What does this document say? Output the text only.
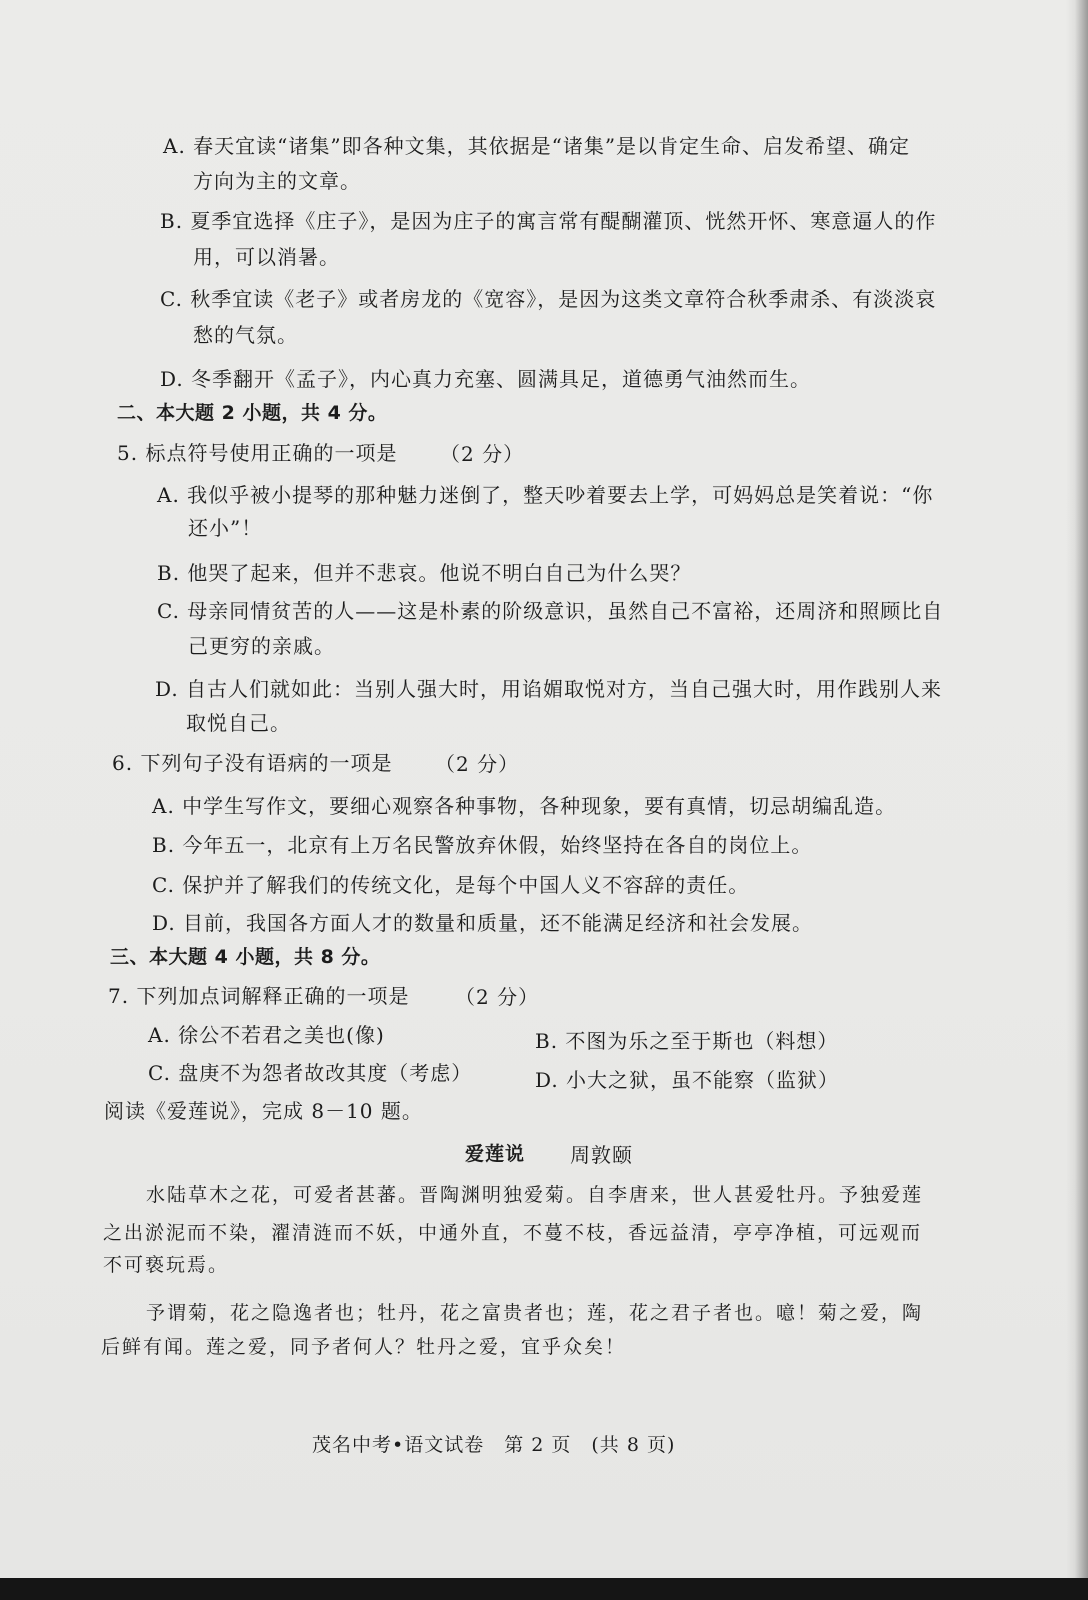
A. 春天宜读“诸集”即各种文集，其依据是“诸集”是以肯定生命、启发希望、确定
方向为主的文章。
B. 夏季宜选择《庄子》，是因为庄子的寓言常有醍醐灌顶、恍然开怀、寒意逼人的作
用，可以消暑。
C. 秋季宜读《老子》或者房龙的《宽容》，是因为这类文章符合秋季肃杀、有淡淡哀
愁的气氛。
D. 冬季翻开《孟子》，内心真力充塞、圆满具足，道德勇气油然而生。
二、本大题 2 小题，共 4 分。
5. 标点符号使用正确的一项是 （2 分）
A. 我似乎被小提琴的那种魅力迷倒了，整天吵着要去上学，可妈妈总是笑着说：“你
还小”！
B. 他哭了起来，但并不悲哀。他说不明白自己为什么哭？
C. 母亲同情贫苦的人——这是朴素的阶级意识，虽然自己不富裕，还周济和照顾比自
己更穷的亲戚。
D. 自古人们就如此：当别人强大时，用谄媚取悦对方，当自己强大时，用作践别人来
取悦自己。
6. 下列句子没有语病的一项是 （2 分）
A. 中学生写作文，要细心观察各种事物，各种现象，要有真情，切忌胡编乱造。
B. 今年五一，北京有上万名民警放弃休假，始终坚持在各自的岗位上。
C. 保护并了解我们的传统文化，是每个中国人义不容辞的责任。
D. 目前，我国各方面人才的数量和质量，还不能满足经济和社会发展。
三、本大题 4 小题，共 8 分。
7. 下列加点词解释正确的一项是 （2 分）
A. 徐公不若君之美也(像)	B. 不图为乐之至于斯也（料想）
C. 盘庚不为怨者故改其度（考虑）	D. 小大之狱，虽不能察（监狱）
阅读《爱莲说》，完成 8－10 题。
爱莲说 周敦颐
水陆草木之花，可爱者甚蕃。晋陶渊明独爱菊。自李唐来，世人甚爱牡丹。予独爱莲
之出淤泥而不染，濯清涟而不妖，中通外直，不蔓不枝，香远益清，亭亭净植，可远观而
不可亵玩焉。
予谓菊，花之隐逸者也；牡丹，花之富贵者也；莲，花之君子者也。噫！菊之爱，陶
后鲜有闻。莲之爱，同予者何人？牡丹之爱，宜乎众矣！
茂名中考•语文试卷　第 2 页　(共 8 页)
